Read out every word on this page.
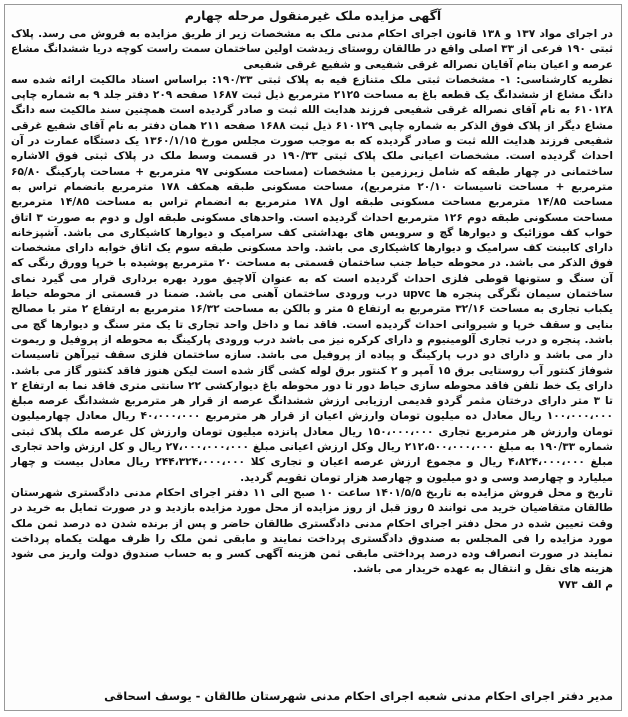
آگهی مزایده ملک غیرمنقول مرحله چهارم

در اجرای مواد ۱۳۷ و ۱۳۸ قانون اجرای احکام مدنی ملک به مشخصات زیر از طریق مزایده به فروش می رسد. پلاک ثبتی ۱۹۰ فرعی از ۳۳ اصلی واقع در طالقان روستای زیدشت اولین ساختمان سمت راست کوچه دریا ششدانگ مشاع عرصه و اعیان بنام آقایان نصراله غرقی شفیعی و شفیع غرقی شفیعی

نظریه کارشناسی: ۱- مشخصات ثبتی ملک متنازع فیه به پلاک ثبتی ۱۹۰/۳۳: براساس اسناد مالکیت ارائه شده سه دانگ مشاع از ششدانگ یک قطعه باغ به مساحت ۲۱۲۵ مترمربع ذیل ثبت ۱۶۸۷ صفحه ۲۰۹ دفتر جلد ۹ به شماره چاپی ۶۱۰۱۲۸ به نام آقای نصراله غرقی شفیعی فرزند هدایت الله ثبت و صادر گردیده است همچنین سند مالکیت سه دانگ مشاع دیگر از پلاک فوق الذکر به شماره چاپی ۶۱۰۱۲۹ ذیل ثبت ۱۶۸۸ صفحه ۲۱۱ همان دفتر به نام آقای شفیع غرقی شفیعی فرزند هدایت الله ثبت و صادر گردیده که به موجب صورت مجلس مورخ ۱۳۶۰/۱/۱۵ یک دستگاه عمارت در آن احداث گردیده است. مشخصات اعیانی ملک پلاک ثبتی ۱۹۰/۳۳ در قسمت وسط ملک در پلاک ثبتی فوق الاشاره ساختمانی در چهار طبقه که شامل زیرزمین با مشخصات (مساحت مسکونی ۹۷ مترمربع + مساحت پارکینگ ۶۵/۸۰ مترمربع + مساحت تاسیسات ۲۰/۱۰ مترمربع)، مساحت مسکونی طبقه همکف ۱۷۸ مترمربع بانضمام تراس به مساحت ۱۴/۸۵ مترمربع مساحت مسکونی طبقه اول ۱۷۸ مترمربع به انضمام تراس به مساحت ۱۴/۸۵ مترمربع مساحت مسکونی طبقه دوم ۱۲۶ مترمربع احداث گردیده است. واحدهای مسکونی طبقه اول و دوم به صورت ۳ اتاق خواب کف موزائیک و دیوارها گچ و سرویس های بهداشتی کف سرامیک و دیوارها کاشیکاری می باشد. آشپزخانه دارای کابینت کف سرامیک و دیوارها کاشیکاری می باشد. واحد مسکونی طبقه سوم یک اتاق خوابه دارای مشخصات فوق الذکر می باشد. در محوطه حیاط جنب ساختمان قسمتی به مساحت ۲۰ مترمربع پوشیده با خرپا وورق رنگی که آن سنگ و ستونها قوطی فلزی احداث گردیده است که به عنوان آلاچیق مورد بهره برداری قرار می گیرد نمای ساختمان سیمان تگرگی پنجره ها upvc درب ورودی ساختمان آهنی می باشد. ضمنا در قسمتی از محوطه حیاط یکباب تجاری به مساحت ۳۲/۱۶ مترمربع به ارتفاع ۵ متر و بالکن به مساحت ۱۶/۳۲ مترمربع به ارتفاع ۲ متر با مصالح بنایی و سقف خرپا و شیروانی احداث گردیده است. فاقد نما و داخل واحد تجاری تا یک متر سنگ و دیوارها گچ می باشد. پنجره و درب تجاری آلومینیوم و دارای کرکره نیز می باشد درب ورودی پارکینگ به محوطه از پروفیل و ریموت دار می باشد و دارای دو درب پارکینگ و پیاده از پروفیل می باشد. سازه ساختمان فلزی سقف تیرآهن تاسیسات شوفاژ کنتور آب روستایی برق ۱۵ آمپر و ۲ کنتور برق لوله کشی گاز شده است لیکن هنوز فاقد کنتور گاز می باشد. دارای یک خط تلفن فاقد محوطه سازی حیاط دور تا دور محوطه باغ دیوارکشی ۲۲ سانتی متری فاقد نما به ارتفاع ۲ تا ۳ متر دارای درختان مثمر گردو قدیمی ارزیابی ارزش ششدانگ عرصه از قرار هر مترمربع ششدانگ عرصه مبلغ ۱۰۰،۰۰۰،۰۰۰ ریال معادل ده میلیون تومان وارزش اعیان از قرار هر مترمربع ۴۰،۰۰۰،۰۰۰ ریال معادل چهارمیلیون تومان وارزش هر مترمربع تجاری ۱۵۰،۰۰۰،۰۰۰ ریال معادل پانزده میلیون تومان وارزش کل عرصه ملک پلاک ثبتی شماره ۱۹۰/۳۳ به مبلغ ۲۱۲،۵۰۰،۰۰۰،۰۰۰ ریال وکل ارزش اعیانی مبلغ ۲۷،۰۰۰،۰۰۰،۰۰۰ ریال و کل ارزش واحد تجاری مبلغ ۴،۸۲۴،۰۰۰،۰۰۰ ریال و مجموع ارزش عرصه اعیان و تجاری کلا ۲۴۴،۳۲۴،۰۰۰،۰۰۰ ریال معادل بیست و چهار میلیارد و چهارصد وسی و دو میلیون و چهارصد هزار تومان تقویم گردید.

تاریخ و محل فروش مزایده به تاریخ ۱۴۰۱/۵/۵ ساعت ۱۰ صبح الی ۱۱ دفتر اجرای احکام مدنی دادگستری شهرستان طالقان متقاضیان خرید می توانند ۵ روز قبل از روز مزایده از محل مورد مزایده بازدید و در صورت تمایل به خرید در وقت تعیین شده در محل دفتر اجرای احکام مدنی دادگستری طالقان حاضر و پس از برنده شدن ده درصد ثمن ملک مورد مزایده را فی المجلس به صندوق دادگستری پرداخت نمایند و مابقی ثمن ملک را ظرف مهلت یکماه پرداخت نمایند در صورت انصراف وده درصد پرداختی مابقی ثمن هزینه آگهی کسر و به حساب صندوق دولت واریز می شود هزینه های نقل و انتقال به عهده خریدار می باشد.

م الف ۷۷۳

مدیر دفتر اجرای احکام مدنی شعبه اجرای احکام مدنی شهرستان طالقان - یوسف اسحاقی
